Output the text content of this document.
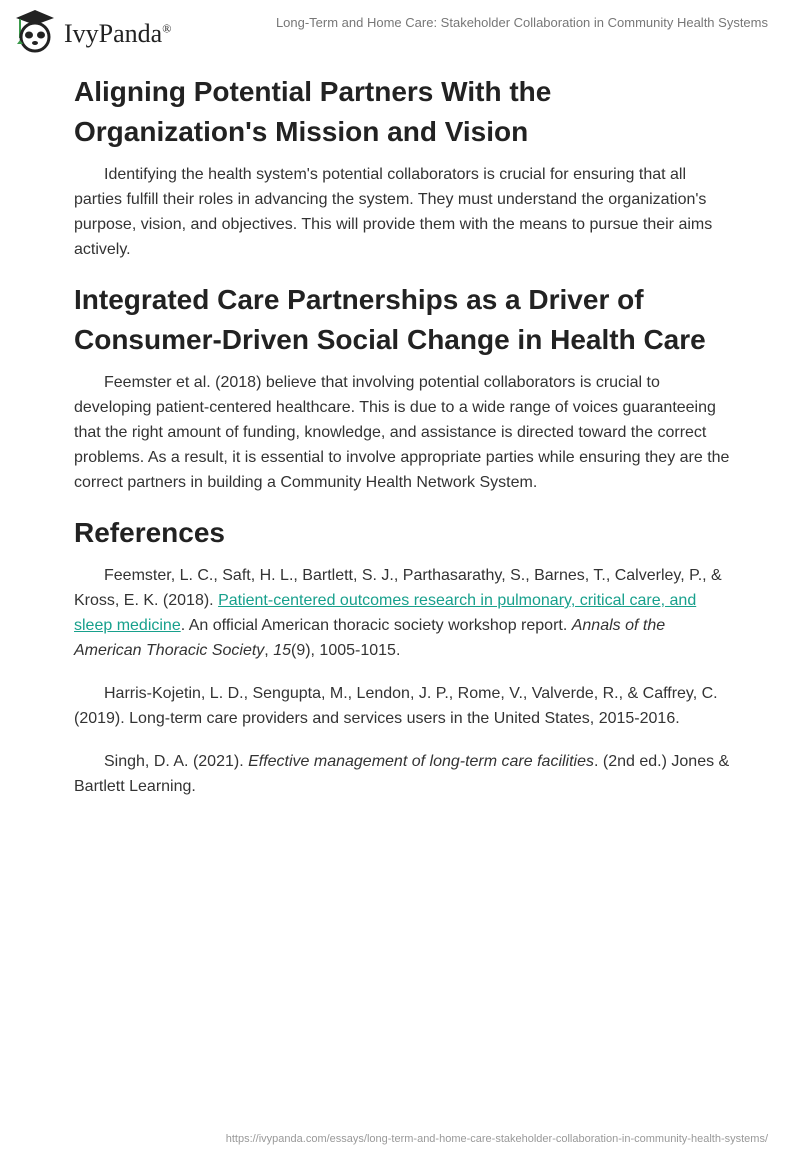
IvyPanda®	Long-Term and Home Care: Stakeholder Collaboration in Community Health Systems
Aligning Potential Partners With the Organization's Mission and Vision

Identifying the health system's potential collaborators is crucial for ensuring that all parties fulfill their roles in advancing the system. They must understand the organization's purpose, vision, and objectives. This will provide them with the means to pursue their aims actively.

Integrated Care Partnerships as a Driver of Consumer-Driven Social Change in Health Care

Feemster et al. (2018) believe that involving potential collaborators is crucial to developing patient-centered healthcare. This is due to a wide range of voices guaranteeing that the right amount of funding, knowledge, and assistance is directed toward the correct problems. As a result, it is essential to involve appropriate parties while ensuring they are the correct partners in building a Community Health Network System.

References

Feemster, L. C., Saft, H. L., Bartlett, S. J., Parthasarathy, S., Barnes, T., Calverley, P., & Kross, E. K. (2018). Patient-centered outcomes research in pulmonary, critical care, and sleep medicine. An official American thoracic society workshop report. Annals of the American Thoracic Society, 15(9), 1005-1015.

Harris-Kojetin, L. D., Sengupta, M., Lendon, J. P., Rome, V., Valverde, R., & Caffrey, C. (2019). Long-term care providers and services users in the United States, 2015-2016.

Singh, D. A. (2021). Effective management of long-term care facilities. (2nd ed.) Jones & Bartlett Learning.

https://ivypanda.com/essays/long-term-and-home-care-stakeholder-collaboration-in-community-health-systems/
